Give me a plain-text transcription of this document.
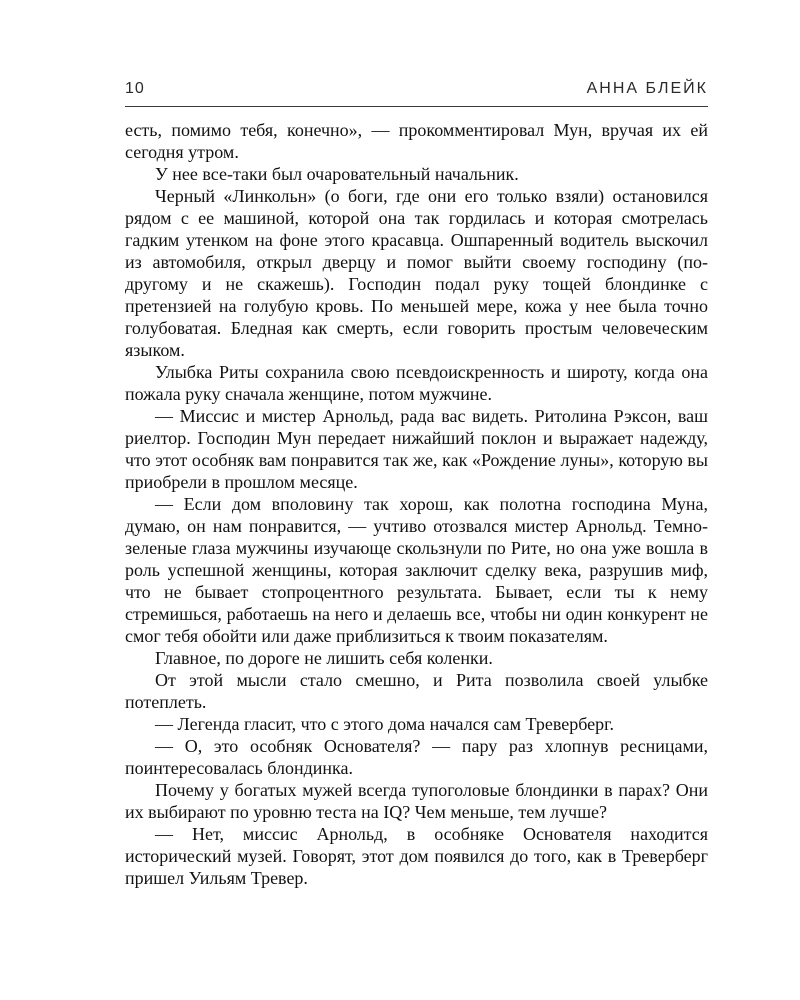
10	АННА БЛЕЙК

есть, помимо тебя, конечно», — прокомментировал Мун, вручая их ей сегодня утром.

У нее все-таки был очаровательный начальник.

Черный «Линкольн» (о боги, где они его только взяли) остановился рядом с ее машиной, которой она так гордилась и которая смотрелась гадким утенком на фоне этого красавца. Ошпаренный водитель выскочил из автомобиля, открыл дверцу и помог выйти своему господину (по-другому и не скажешь). Господин подал руку тощей блондинке с претензией на голубую кровь. По меньшей мере, кожа у нее была точно голубоватая. Бледная как смерть, если говорить простым человеческим языком.

Улыбка Риты сохранила свою псевдоискренность и широту, когда она пожала руку сначала женщине, потом мужчине.

— Миссис и мистер Арнольд, рада вас видеть. Ритолина Рэксон, ваш риелтор. Господин Мун передает нижайший поклон и выражает надежду, что этот особняк вам понравится так же, как «Рождение луны», которую вы приобрели в прошлом месяце.

— Если дом вполовину так хорош, как полотна господина Муна, думаю, он нам понравится, — учтиво отозвался мистер Арнольд. Темно-зеленые глаза мужчины изучающе скользнули по Рите, но она уже вошла в роль успешной женщины, которая заключит сделку века, разрушив миф, что не бывает стопроцентного результата. Бывает, если ты к нему стремишься, работаешь на него и делаешь все, чтобы ни один конкурент не смог тебя обойти или даже приблизиться к твоим показателям.

Главное, по дороге не лишить себя коленки.

От этой мысли стало смешно, и Рита позволила своей улыбке потеплеть.

— Легенда гласит, что с этого дома начался сам Треверберг.

— О, это особняк Основателя? — пару раз хлопнув ресницами, поинтересовалась блондинка.

Почему у богатых мужей всегда тупоголовые блондинки в парах? Они их выбирают по уровню теста на IQ? Чем меньше, тем лучше?

— Нет, миссис Арнольд, в особняке Основателя находится исторический музей. Говорят, этот дом появился до того, как в Треверберг пришел Уильям Тревер.
